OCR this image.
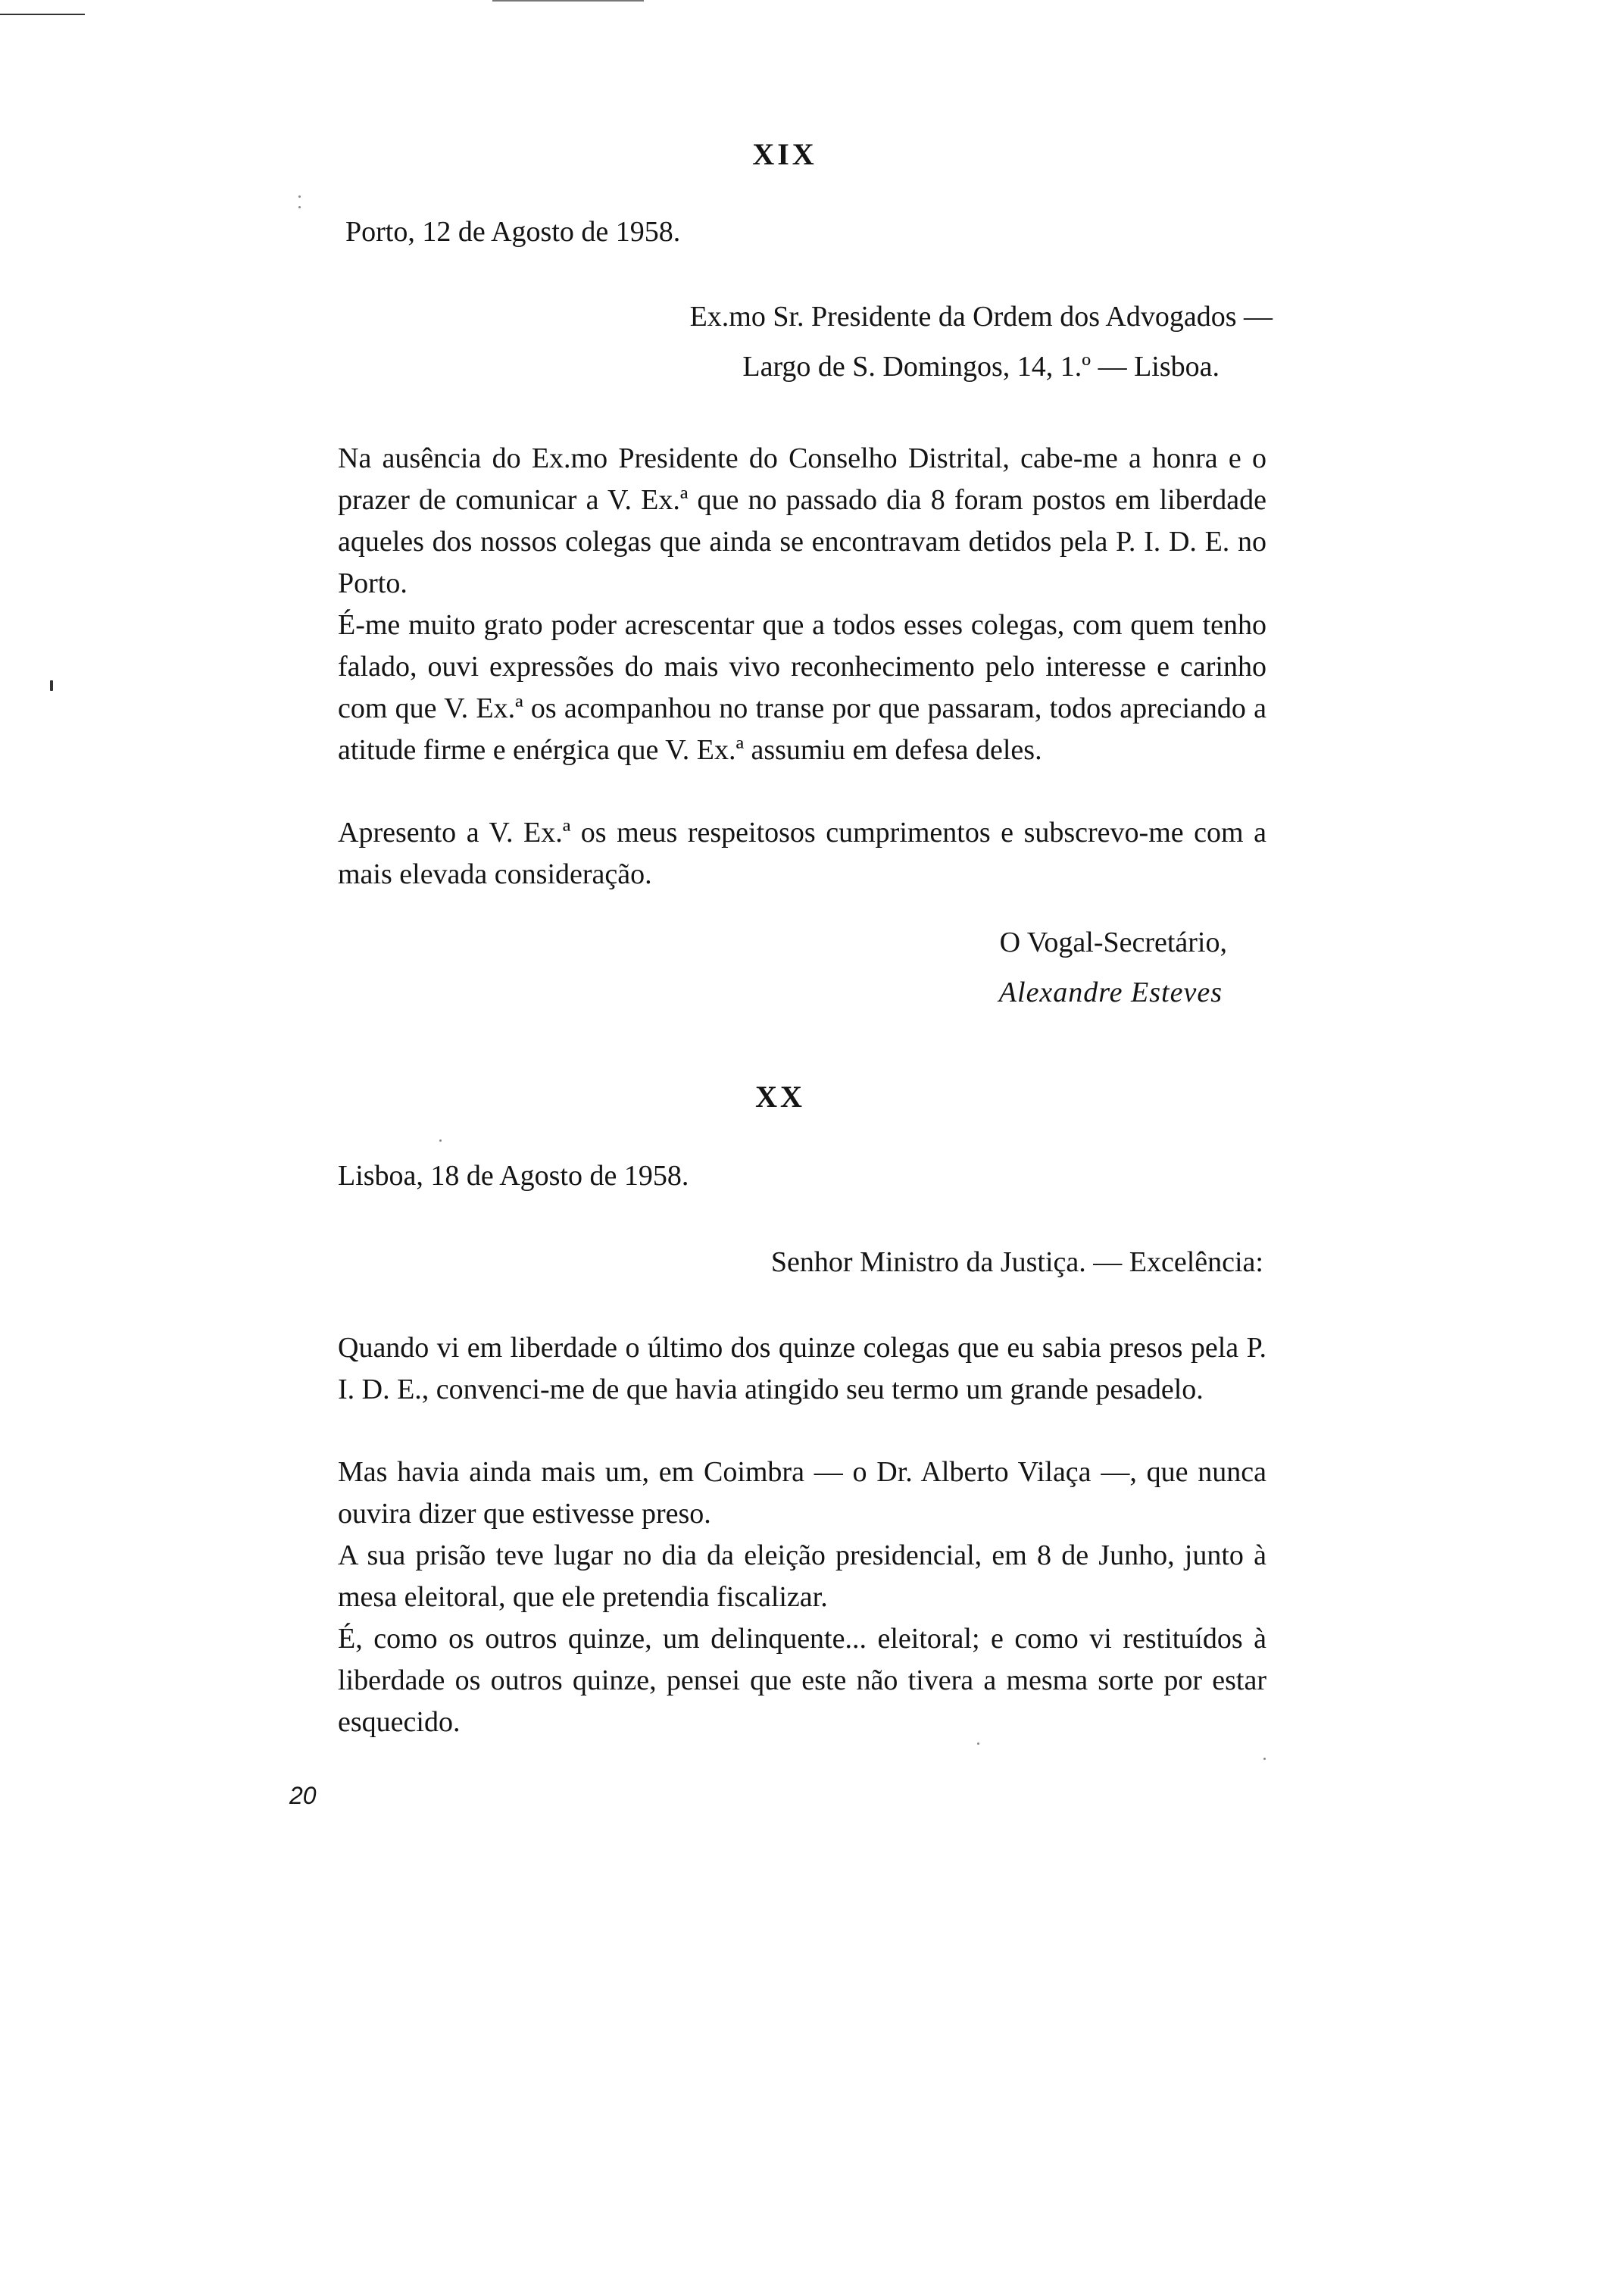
XIX

Porto, 12 de Agosto de 1958.

Ex.mo Sr. Presidente da Ordem dos Advogados —

Largo de S. Domingos, 14, 1.º — Lisboa.

Na ausência do Ex.mo Presidente do Conselho Distrital, cabe-me a honra e o prazer de comunicar a V. Ex.ª que no passado dia 8 foram postos em liberdade aqueles dos nossos colegas que ainda se encontravam detidos pela P. I. D. E. no Porto.

É-me muito grato poder acrescentar que a todos esses colegas, com quem tenho falado, ouvi expressões do mais vivo reconhecimento pelo interesse e carinho com que V. Ex.ª os acompanhou no transe por que passaram, todos apreciando a atitude firme e enérgica que V. Ex.ª assumiu em defesa deles.

Apresento a V. Ex.ª os meus respeitosos cumprimentos e subscrevo-me com a mais elevada consideração.

O Vogal-Secretário,

Alexandre Esteves

XX

Lisboa, 18 de Agosto de 1958.

Senhor Ministro da Justiça. — Excelência:

Quando vi em liberdade o último dos quinze colegas que eu sabia presos pela P. I. D. E., convenci-me de que havia atingido seu termo um grande pesadelo.

Mas havia ainda mais um, em Coimbra — o Dr. Alberto Vilaça —, que nunca ouvira dizer que estivesse preso.

A sua prisão teve lugar no dia da eleição presidencial, em 8 de Junho, junto à mesa eleitoral, que ele pretendia fiscalizar.

É, como os outros quinze, um delinquente... eleitoral; e como vi restituídos à liberdade os outros quinze, pensei que este não tivera a mesma sorte por estar esquecido.

20
